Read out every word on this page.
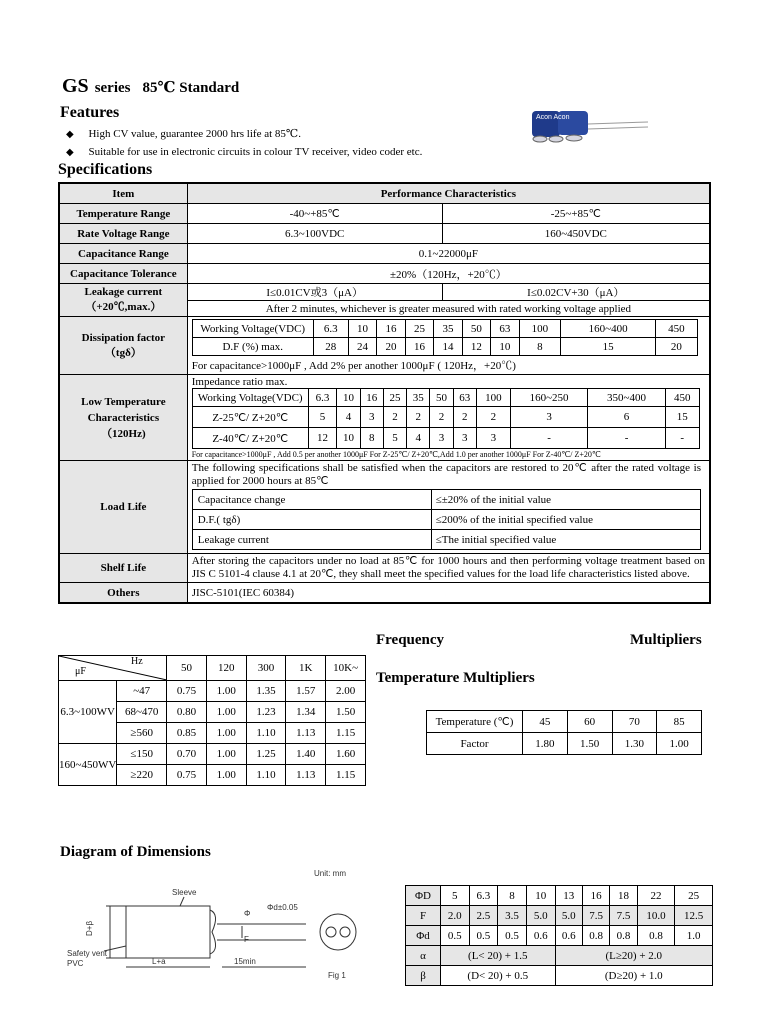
GS series 85℃ Standard
Acon Acon
Features
◆ High CV value, guarantee 2000 hrs life at 85℃.
◆ Suitable for use in electronic circuits in colour TV receiver, video coder etc.
Specifications
Item	Performance Characteristics
Temperature Range	-40~+85℃	-25~+85℃
Rate Voltage Range	6.3~100VDC	160~450VDC
Capacitance Range	0.1~22000μF
Capacitance Tolerance	±20%（120Hz，+20℃）
Leakage current
（+20℃,max.）	I≤0.01CV或3（μA）	I≤0.02CV+30（μA）
After 2 minutes, whichever is greater measured with rated working voltage applied
Dissipation factor
（tgδ）	
Working Voltage(VDC)	6.3	10	16	25	35	50	63	100	160~400	450
D.F (%) max.	28	24	20	16	14	12	10	8	15	20
For capacitance>1000μF , Add 2% per another 1000μF ( 120Hz，+20℃)

Low Temperature
Characteristics
（120Hz)	
Impedance ratio max.
Working Voltage(VDC)	6.3	10	16	25	35	50	63	100	160~250	350~400	450
Z-25℃/ Z+20℃	5	4	3	2	2	2	2	2	3	6	15
Z-40℃/ Z+20℃	12	10	8	5	4	3	3	3	-	-	-
For capacitance>1000μF , Add 0.5 per another 1000μF For Z-25℃/ Z+20℃,Add 1.0 per another 1000μF For Z-40℃/ Z+20℃

Load Life	
The following specifications shall be satisfied when the capacitors are restored to 20℃ after the rated voltage is applied for 2000 hours at 85℃
Capacitance change	≤±20% of the initial value
D.F.( tgδ)	≤200% of the initial specified value
Leakage current	≤The initial specified value

Shelf Life	After storing the capacitors under no load at 85℃ for 1000 hours and then performing voltage treatment based on JIS C 5101-4 clause 4.1 at 20℃, they shall meet the specified values for the load life characteristics listed above.
Others	JISC-5101(IEC 60384)
Frequency	Multipliers
Hz
μF		50	120	300	1K	10K~
6.3~100WV	~47	0.75	1.00	1.35	1.57	2.00
	68~470	0.80	1.00	1.23	1.34	1.50
	≥560	0.85	1.00	1.10	1.13	1.15
160~450WV	≤150	0.70	1.00	1.25	1.40	1.60
	≥220	0.75	1.00	1.10	1.13	1.15
Temperature Multipliers
Temperature (℃)	45	60	70	85
Factor	1.80	1.50	1.30	1.00
Diagram of Dimensions
Unit: mm
Sleeve
Safety vent
PVC
Fig 1
Φd±0.05
L+a	15min
F
Φ
D+β
ΦD	5	6.3	8	10	13	16	18	22	25
F	2.0	2.5	3.5	5.0	5.0	7.5	7.5	10.0	12.5
Φd	0.5	0.5	0.5	0.6	0.6	0.8	0.8	0.8	1.0
α	(L< 20) + 1.5				(L≥20) + 2.0				
β	(D< 20) + 0.5				(D≥20) + 1.0				
